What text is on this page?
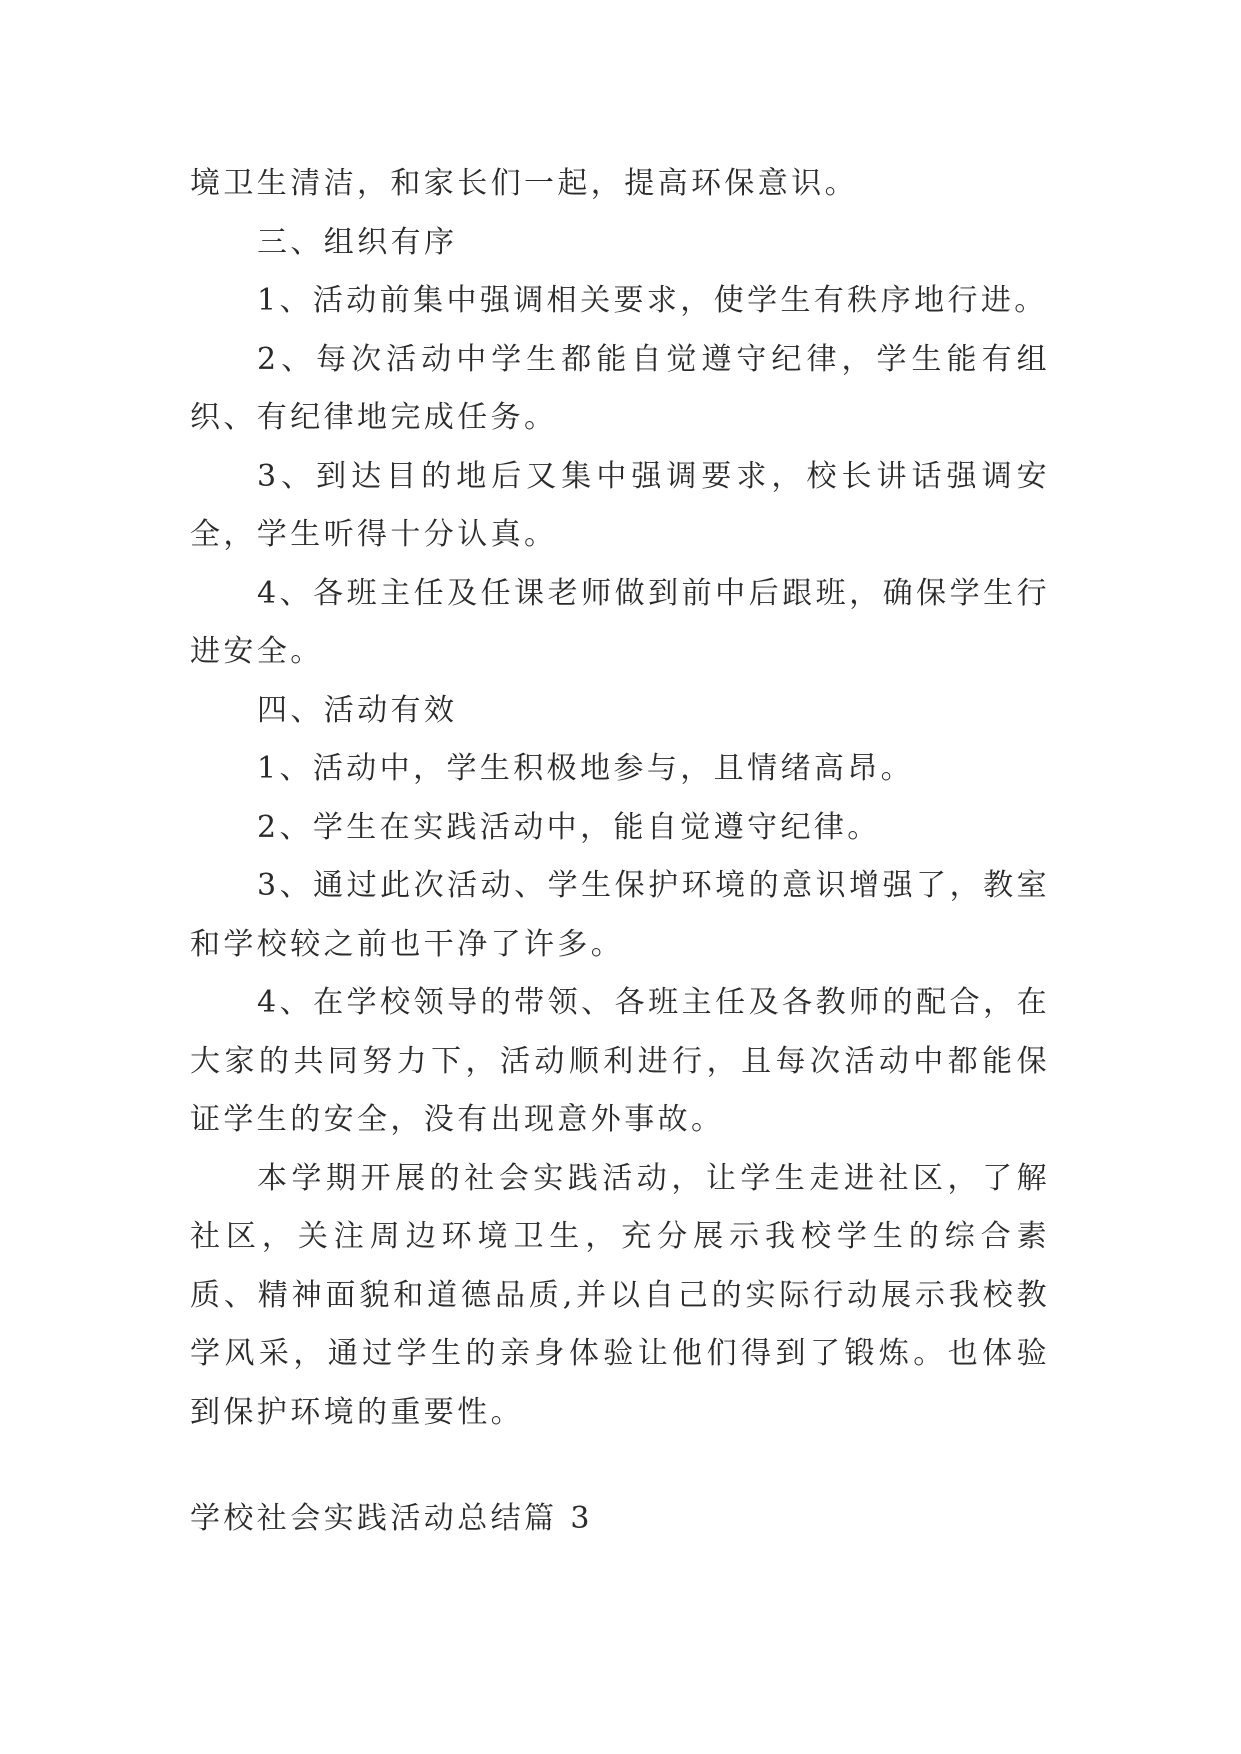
境卫生清洁，和家长们一起，提高环保意识。

三、组织有序

1、活动前集中强调相关要求，使学生有秩序地行进。

2、每次活动中学生都能自觉遵守纪律，学生能有组织、有纪律地完成任务。

3、到达目的地后又集中强调要求，校长讲话强调安全，学生听得十分认真。

4、各班主任及任课老师做到前中后跟班，确保学生行进安全。

四、活动有效

1、活动中，学生积极地参与，且情绪高昂。

2、学生在实践活动中，能自觉遵守纪律。

3、通过此次活动、学生保护环境的意识增强了，教室和学校较之前也干净了许多。

4、在学校领导的带领、各班主任及各教师的配合，在大家的共同努力下，活动顺利进行，且每次活动中都能保证学生的安全，没有出现意外事故。

本学期开展的社会实践活动，让学生走进社区，了解社区，关注周边环境卫生，充分展示我校学生的综合素质、精神面貌和道德品质,并以自己的实际行动展示我校教学风采，通过学生的亲身体验让他们得到了锻炼。也体验到保护环境的重要性。

学校社会实践活动总结篇 3
